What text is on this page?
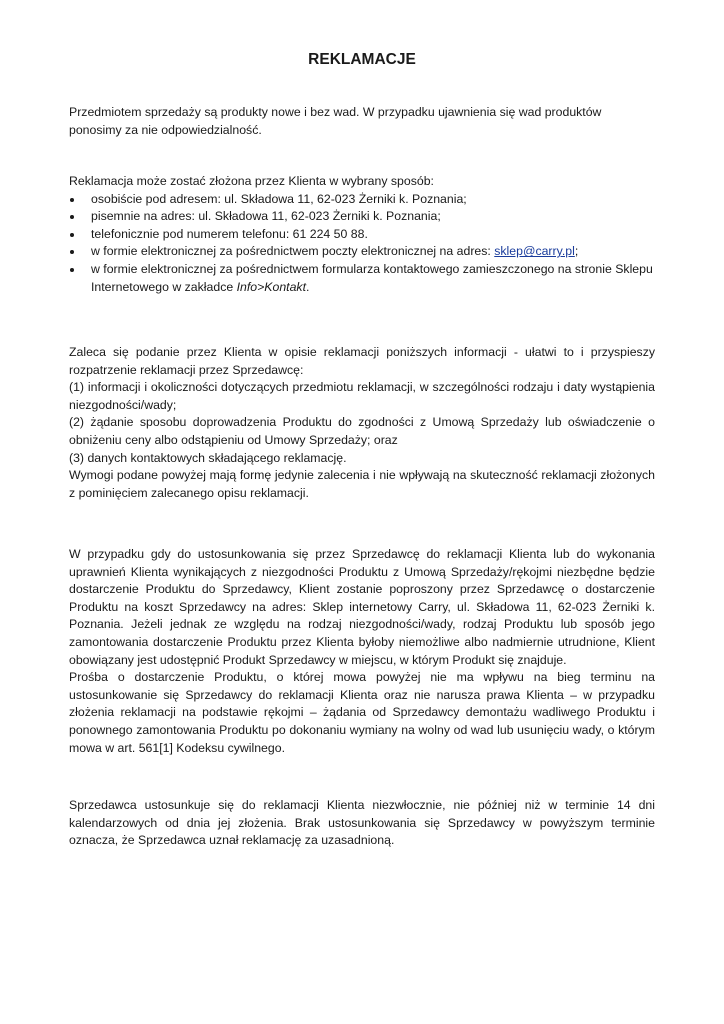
REKLAMACJE

Przedmiotem sprzedaży są produkty nowe i bez wad. W przypadku ujawnienia się wad produktów ponosimy za nie odpowiedzialność.

Reklamacja może zostać złożona przez Klienta w wybrany sposób:

osobiście pod adresem: ul. Składowa 11, 62-023 Żerniki k. Poznania;
pisemnie na adres: ul. Składowa 11, 62-023 Żerniki k. Poznania;
telefonicznie pod numerem telefonu: 61 224 50 88.
w formie elektronicznej za pośrednictwem poczty elektronicznej na adres: sklep@carry.pl;
w formie elektronicznej za pośrednictwem formularza kontaktowego zamieszczonego na stronie Sklepu Internetowego w zakładce Info>Kontakt.

Zaleca się podanie przez Klienta w opisie reklamacji poniższych informacji - ułatwi to i przyspieszy rozpatrzenie reklamacji przez Sprzedawcę:

(1) informacji i okoliczności dotyczących przedmiotu reklamacji, w szczególności rodzaju i daty wystąpienia niezgodności/wady;

(2) żądanie sposobu doprowadzenia Produktu do zgodności z Umową Sprzedaży lub oświadczenie o obniżeniu ceny albo odstąpieniu od Umowy Sprzedaży; oraz

(3) danych kontaktowych składającego reklamację.

Wymogi podane powyżej mają formę jedynie zalecenia i nie wpływają na skuteczność reklamacji złożonych z pominięciem zalecanego opisu reklamacji.

W przypadku gdy do ustosunkowania się przez Sprzedawcę do reklamacji Klienta lub do wykonania uprawnień Klienta wynikających z niezgodności Produktu z Umową Sprzedaży/rękojmi niezbędne będzie dostarczenie Produktu do Sprzedawcy, Klient zostanie poproszony przez Sprzedawcę o dostarczenie Produktu na koszt Sprzedawcy na adres: Sklep internetowy Carry, ul. Składowa 11, 62-023 Żerniki k. Poznania. Jeżeli jednak ze względu na rodzaj niezgodności/wady, rodzaj Produktu lub sposób jego zamontowania dostarczenie Produktu przez Klienta byłoby niemożliwe albo nadmiernie utrudnione, Klient obowiązany jest udostępnić Produkt Sprzedawcy w miejscu, w którym Produkt się znajduje.

Prośba o dostarczenie Produktu, o której mowa powyżej nie ma wpływu na bieg terminu na ustosunkowanie się Sprzedawcy do reklamacji Klienta oraz nie narusza prawa Klienta – w przypadku złożenia reklamacji na podstawie rękojmi – żądania od Sprzedawcy demontażu wadliwego Produktu i ponownego zamontowania Produktu po dokonaniu wymiany na wolny od wad lub usunięciu wady, o którym mowa w art. 561[1] Kodeksu cywilnego.

Sprzedawca ustosunkuje się do reklamacji Klienta niezwłocznie, nie później niż w terminie 14 dni kalendarzowych od dnia jej złożenia. Brak ustosunkowania się Sprzedawcy w powyższym terminie oznacza, że Sprzedawca uznał reklamację za uzasadnioną.
